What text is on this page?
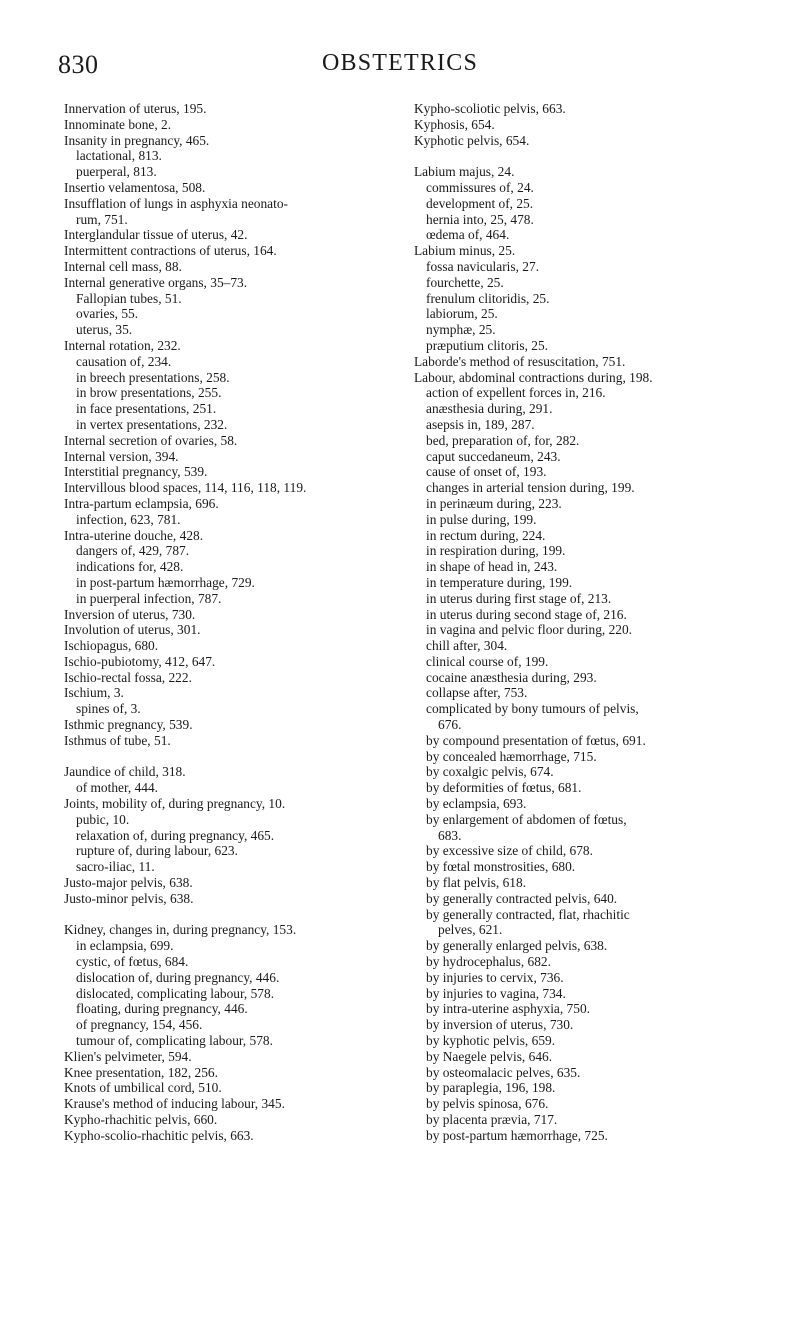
830	OBSTETRICS
Innervation of uterus, 195.
Innominate bone, 2.
Insanity in pregnancy, 465.
lactational, 813.
puerperal, 813.
Insertio velamentosa, 508.
Insufflation of lungs in asphyxia neonato-
rum, 751.
Interglandular tissue of uterus, 42.
Intermittent contractions of uterus, 164.
Internal cell mass, 88.
Internal generative organs, 35–73.
Fallopian tubes, 51.
ovaries, 55.
uterus, 35.
Internal rotation, 232.
causation of, 234.
in breech presentations, 258.
in brow presentations, 255.
in face presentations, 251.
in vertex presentations, 232.
Internal secretion of ovaries, 58.
Internal version, 394.
Interstitial pregnancy, 539.
Intervillous blood spaces, 114, 116, 118, 119.
Intra-partum eclampsia, 696.
infection, 623, 781.
Intra-uterine douche, 428.
dangers of, 429, 787.
indications for, 428.
in post-partum hæmorrhage, 729.
in puerperal infection, 787.
Inversion of uterus, 730.
Involution of uterus, 301.
Ischiopagus, 680.
Ischio-pubiotomy, 412, 647.
Ischio-rectal fossa, 222.
Ischium, 3.
spines of, 3.
Isthmic pregnancy, 539.
Isthmus of tube, 51.
Jaundice of child, 318.
of mother, 444.
Joints, mobility of, during pregnancy, 10.
pubic, 10.
relaxation of, during pregnancy, 465.
rupture of, during labour, 623.
sacro-iliac, 11.
Justo-major pelvis, 638.
Justo-minor pelvis, 638.
Kidney, changes in, during pregnancy, 153.
in eclampsia, 699.
cystic, of fœtus, 684.
dislocation of, during pregnancy, 446.
dislocated, complicating labour, 578.
floating, during pregnancy, 446.
of pregnancy, 154, 456.
tumour of, complicating labour, 578.
Klien's pelvimeter, 594.
Knee presentation, 182, 256.
Knots of umbilical cord, 510.
Krause's method of inducing labour, 345.
Kypho-rhachitic pelvis, 660.
Kypho-scolio-rhachitic pelvis, 663.
Kypho-scoliotic pelvis, 663.
Kyphosis, 654.
Kyphotic pelvis, 654.
Labium majus, 24.
commissures of, 24.
development of, 25.
hernia into, 25, 478.
œdema of, 464.
Labium minus, 25.
fossa navicularis, 27.
fourchette, 25.
frenulum clitoridis, 25.
labiorum, 25.
nymphæ, 25.
præputium clitoris, 25.
Laborde's method of resuscitation, 751.
Labour, abdominal contractions during, 198.
action of expellent forces in, 216.
anæsthesia during, 291.
asepsis in, 189, 287.
bed, preparation of, for, 282.
caput succedaneum, 243.
cause of onset of, 193.
changes in arterial tension during, 199.
in perinæum during, 223.
in pulse during, 199.
in rectum during, 224.
in respiration during, 199.
in shape of head in, 243.
in temperature during, 199.
in uterus during first stage of, 213.
in uterus during second stage of, 216.
in vagina and pelvic floor during, 220.
chill after, 304.
clinical course of, 199.
cocaine anæsthesia during, 293.
collapse after, 753.
complicated by bony tumours of pelvis,
676.
by compound presentation of fœtus, 691.
by concealed hæmorrhage, 715.
by coxalgic pelvis, 674.
by deformities of fœtus, 681.
by eclampsia, 693.
by enlargement of abdomen of fœtus,
683.
by excessive size of child, 678.
by fœtal monstrosities, 680.
by flat pelvis, 618.
by generally contracted pelvis, 640.
by generally contracted, flat, rhachitic
pelves, 621.
by generally enlarged pelvis, 638.
by hydrocephalus, 682.
by injuries to cervix, 736.
by injuries to vagina, 734.
by intra-uterine asphyxia, 750.
by inversion of uterus, 730.
by kyphotic pelvis, 659.
by Naegele pelvis, 646.
by osteomalacic pelves, 635.
by paraplegia, 196, 198.
by pelvis spinosa, 676.
by placenta prævia, 717.
by post-partum hæmorrhage, 725.
